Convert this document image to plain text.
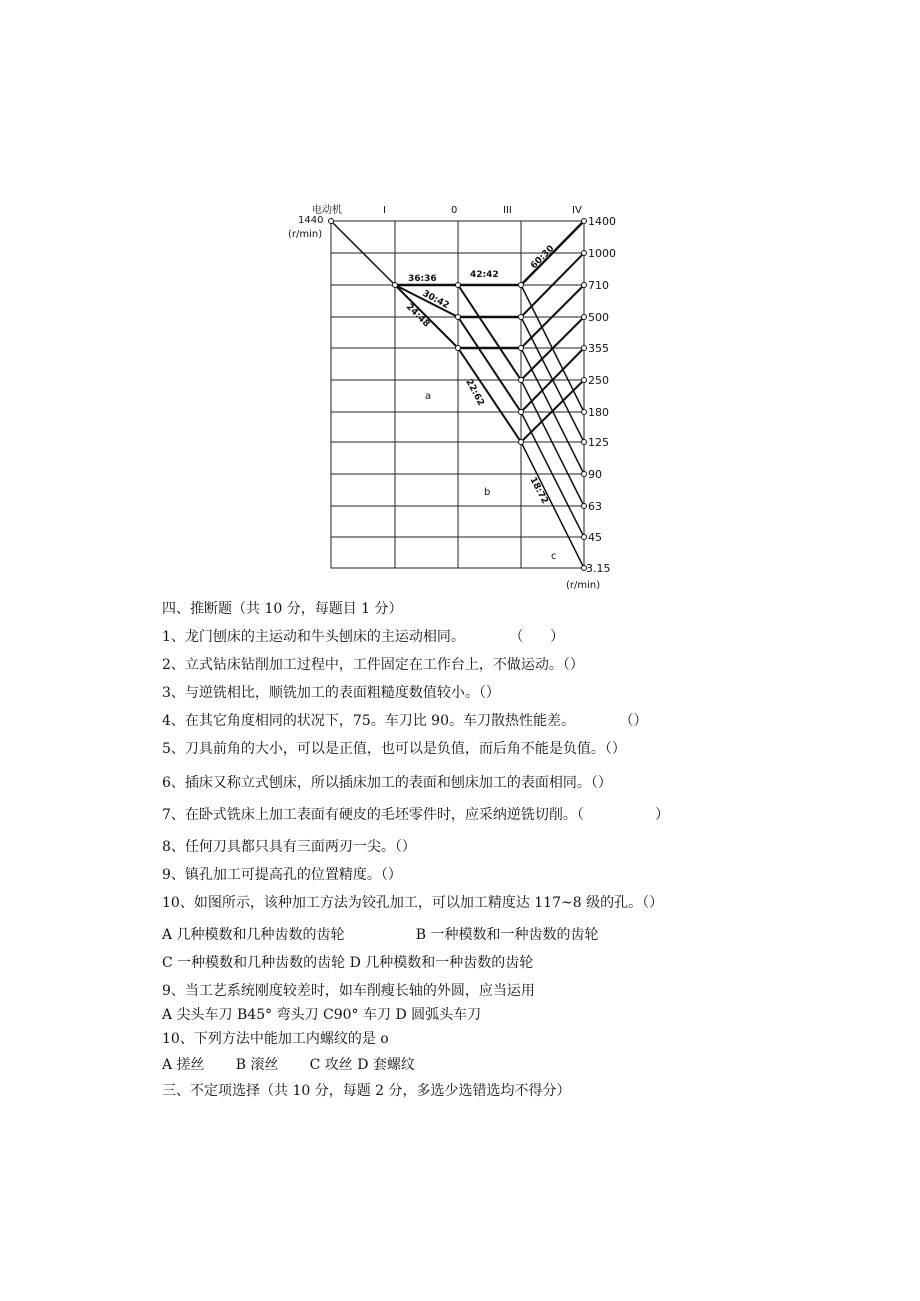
电动机
1440
(r/min)
I	0	III	IV
1400
1000
710
500
355
250
180
125
90
63
45
3.15
(r/min)
36:36	42:42
30:42
24:48
22:62
18:72
60:30
a
b
c
四、推断题（共 10 分，每题目 1 分）
1、龙门刨床的主运动和牛头刨床的主运动相同。          （      ）
2、立式钻床钻削加工过程中，工件固定在工作台上，不做运动。（）
3、与逆铣相比，顺铣加工的表面粗糙度数值较小。（）
4、在其它角度相同的状况下，75。车刀比 90。车刀散热性能差。          （）
5、刀具前角的大小，可以是正值，也可以是负值，而后角不能是负值。（）
6、插床又称立式刨床，所以插床加工的表面和刨床加工的表面相同。（）
7、在卧式铣床上加工表面有硬皮的毛坯零件时，应采纳逆铣切削。（                ）
8、任何刀具都只具有三面两刃一尖。（）
9、镇孔加工可提高孔的位置精度。（）
10、如图所示，该种加工方法为铰孔加工，可以加工精度达 117~8 级的孔。（）
A 几种模数和几种齿数的齿轮                B 一种模数和一种齿数的齿轮
C 一种模数和几种齿数的齿轮 D 几种模数和一种齿数的齿轮
9、当工艺系统刚度较差时，如车削瘦长轴的外圆，应当运用
A 尖头车刀 B45° 弯头刀 C90° 车刀 D 圆弧头车刀
10、下列方法中能加工内螺纹的是 o
A 搓丝       B 滚丝       C 攻丝 D 套螺纹
三、不定项选择（共 10 分，每题 2 分，多选少选错选均不得分）
